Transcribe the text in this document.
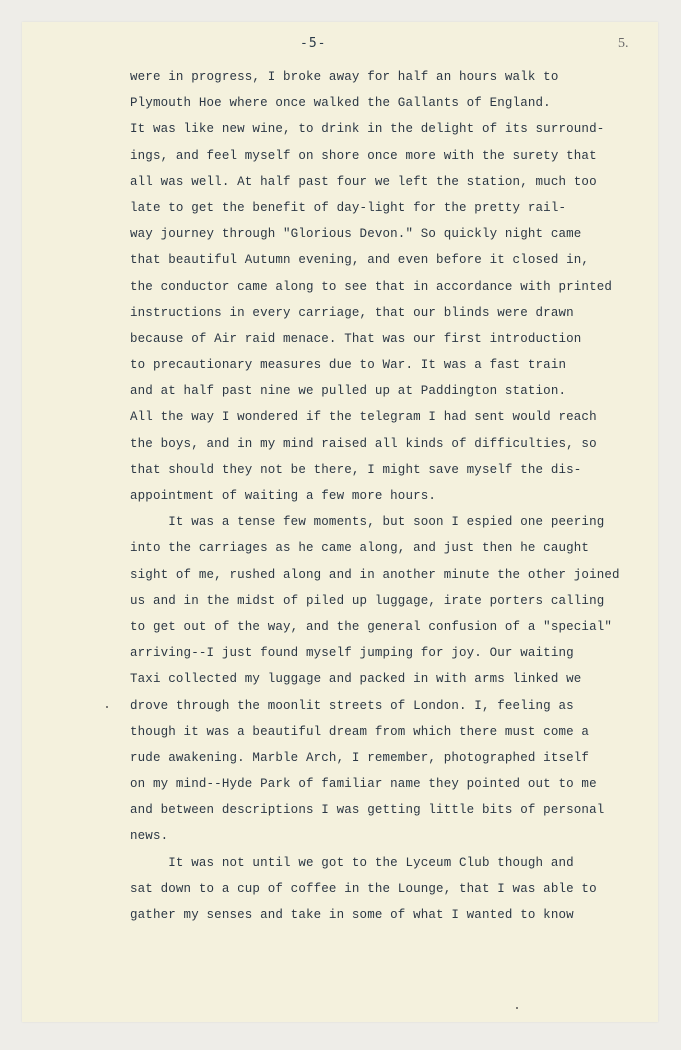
-5-	5.
were in progress, I broke away for half an hours walk to
Plymouth Hoe where once walked the Gallants of England.
It was like new wine, to drink in the delight of its surround-
ings, and feel myself on shore once more with the surety that
all was well. At half past four we left the station, much too
late to get the benefit of day-light for the pretty rail-
way journey through "Glorious Devon." So quickly night came
that beautiful Autumn evening, and even before it closed in,
the conductor came along to see that in accordance with printed
instructions in every carriage, that our blinds were drawn
because of Air raid menace. That was our first introduction
to precautionary measures due to War. It was a fast train
and at half past nine we pulled up at Paddington station.
All the way I wondered if the telegram I had sent would reach
the boys, and in my mind raised all kinds of difficulties, so
that should they not be there, I might save myself the dis-
appointment of waiting a few more hours.
It was a tense few moments, but soon I espied one peering
into the carriages as he came along, and just then he caught
sight of me, rushed along and in another minute the other joined
us and in the midst of piled up luggage, irate porters calling
to get out of the way, and the general confusion of a "special"
arriving--I just found myself jumping for joy. Our waiting
Taxi collected my luggage and packed in with arms linked we
drove through the moonlit streets of London. I, feeling as
though it was a beautiful dream from which there must come a
rude awakening. Marble Arch, I remember, photographed itself
on my mind--Hyde Park of familiar name they pointed out to me
and between descriptions I was getting little bits of personal
news.
It was not until we got to the Lyceum Club though and
sat down to a cup of coffee in the Lounge, that I was able to
gather my senses and take in some of what I wanted to know
